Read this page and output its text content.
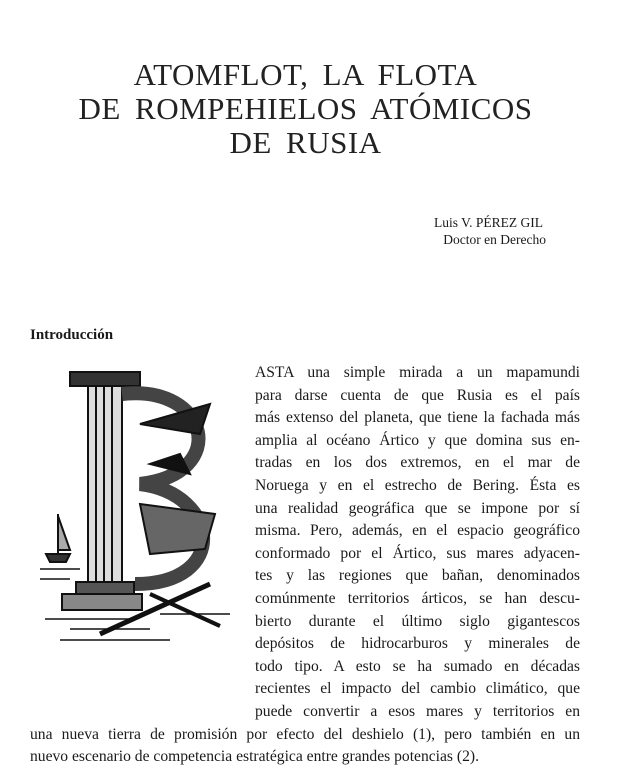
ATOMFLOT, LA FLOTA
DE ROMPEHIELOS ATÓMICOS
DE RUSIA
Luis V. PÉREZ GIL
Doctor en Derecho
Introducción
ASTA una simple mirada a un mapamundi
para darse cuenta de que Rusia es el país
más extenso del planeta, que tiene la fachada más
amplia al océano Ártico y que domina sus en-
tradas en los dos extremos, en el mar de
Noruega y en el estrecho de Bering. Ésta es
una realidad geográfica que se impone por sí
misma. Pero, además, en el espacio geográfico
conformado por el Ártico, sus mares adyacen-
tes y las regiones que bañan, denominados
comúnmente territorios árticos, se han descu-
bierto durante el último siglo gigantescos
depósitos de hidrocarburos y minerales de
todo tipo. A esto se ha sumado en décadas
recientes el impacto del cambio climático, que
puede convertir a esos mares y territorios en
una nueva tierra de promisión por efecto del deshielo (1), pero también en un
nuevo escenario de competencia estratégica entre grandes potencias (2).
